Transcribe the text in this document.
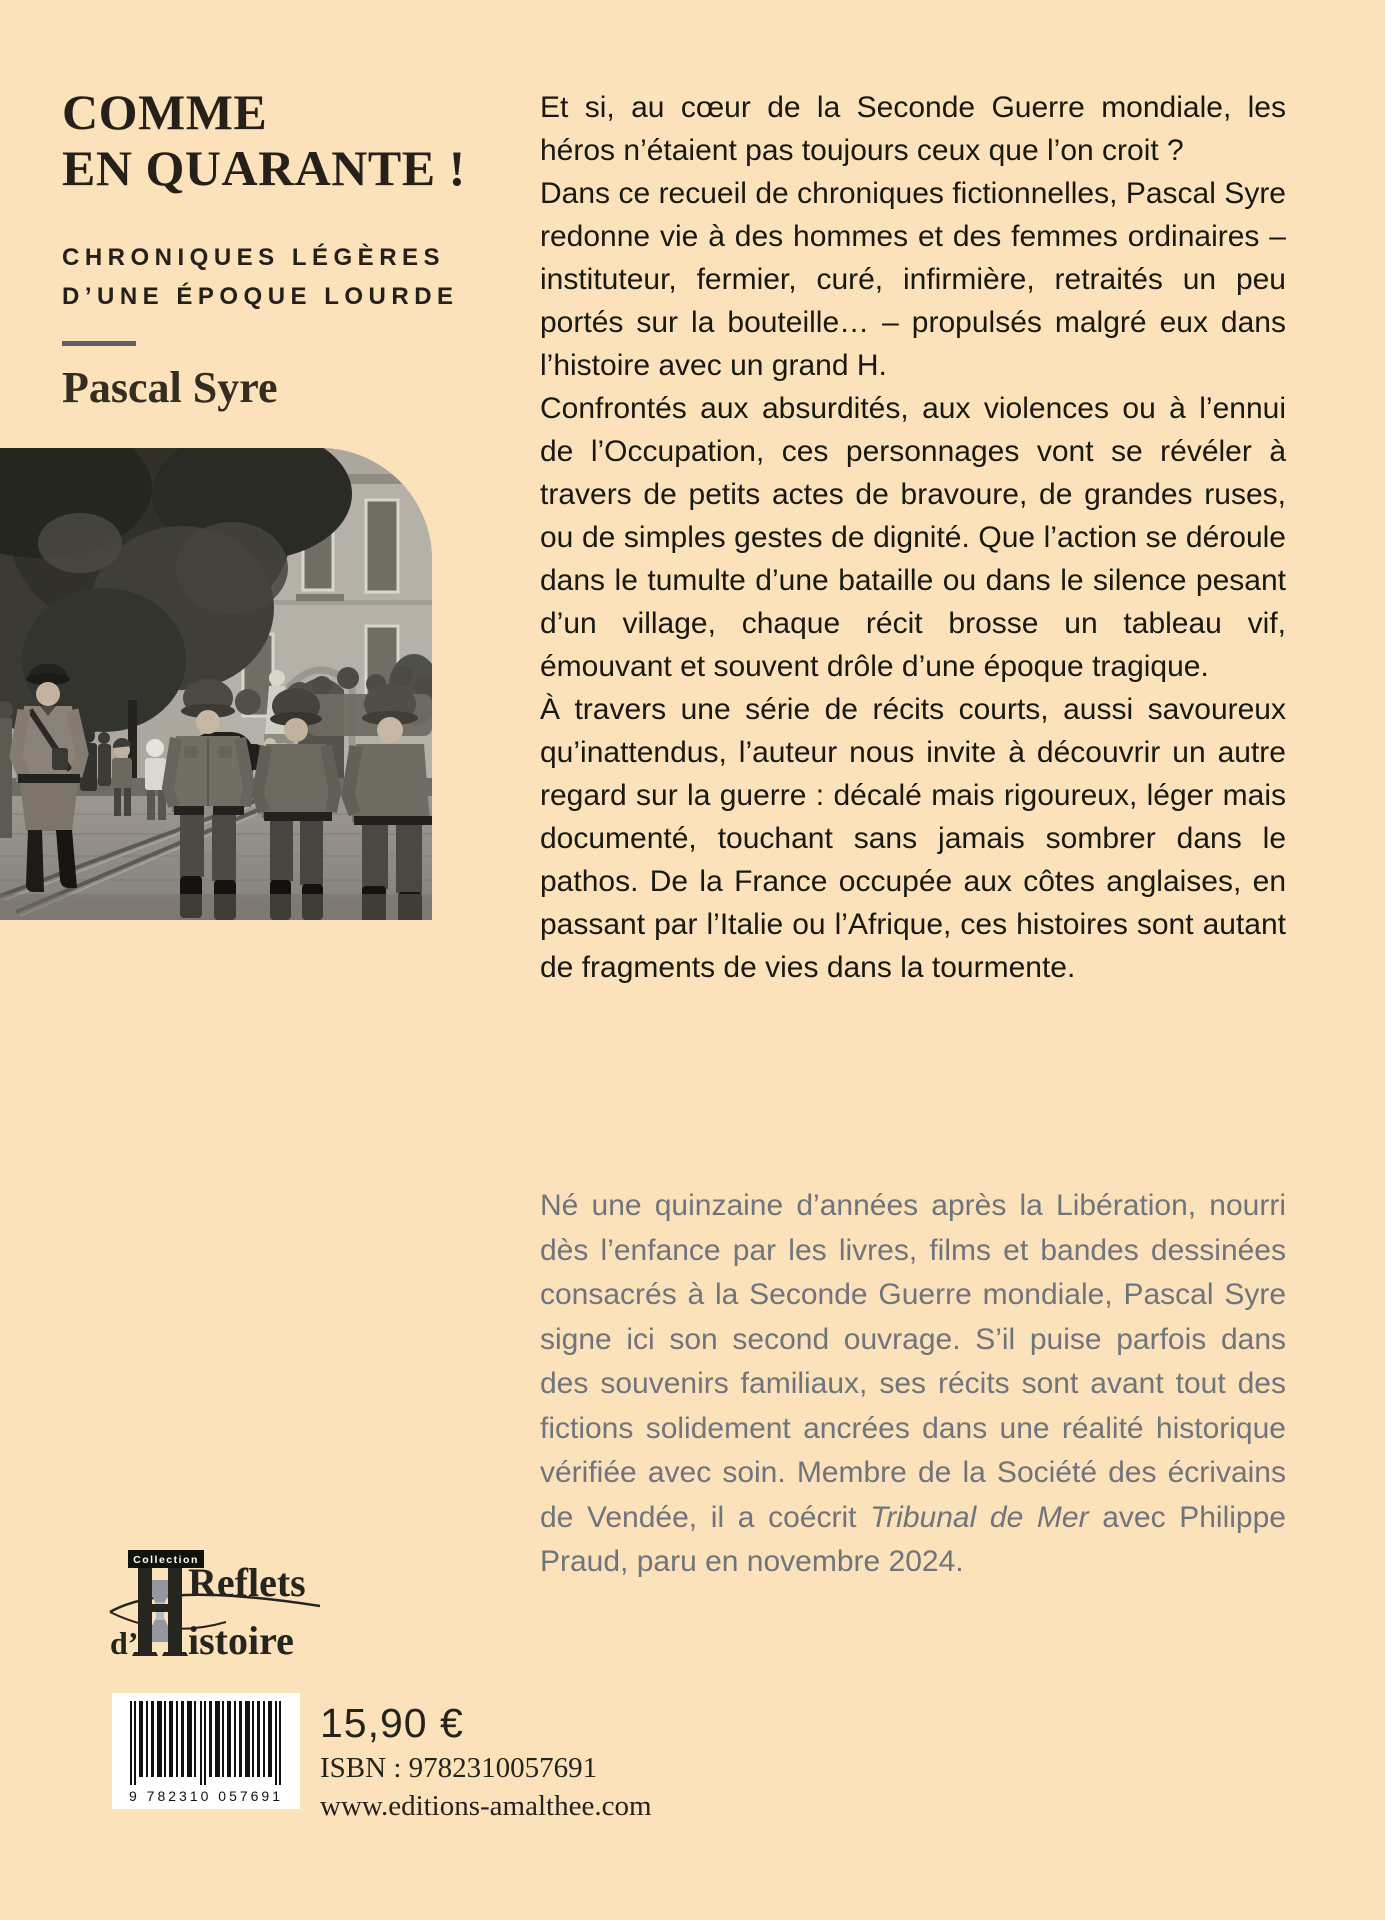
COMME
EN QUARANTE !
CHRONIQUES LÉGÈRES
D’UNE ÉPOQUE LOURDE
Pascal Syre

Et si, au cœur de la Seconde Guerre mondiale, les héros n’étaient pas toujours ceux que l’on croit ?

Dans ce recueil de chroniques fictionnelles, Pascal Syre redonne vie à des hommes et des femmes ordinaires – instituteur, fermier, curé, infirmière, retraités un peu portés sur la bouteille… – propulsés malgré eux dans l’histoire avec un grand H.

Confrontés aux absurdités, aux violences ou à l’ennui de l’Occupation, ces personnages vont se révéler à travers de petits actes de bravoure, de grandes ruses, ou de simples gestes de dignité. Que l’action se déroule dans le tumulte d’une bataille ou dans le silence pesant d’un village, chaque récit brosse un tableau vif, émouvant et souvent drôle d’une époque tragique.

À travers une série de récits courts, aussi savoureux qu’inattendus, l’auteur nous invite à découvrir un autre regard sur la guerre : décalé mais rigoureux, léger mais documenté, touchant sans jamais sombrer dans le pathos. De la France occupée aux côtes anglaises, en passant par l’Italie ou l’Afrique, ces histoires sont autant de fragments de vies dans la tourmente.

Né une quinzaine d’années après la Libération, nourri dès l’enfance par les livres, films et bandes dessinées consacrés à la Seconde Guerre mondiale, Pascal Syre signe ici son second ouvrage. S’il puise parfois dans des souvenirs familiaux, ses récits sont avant tout des fictions solidement ancrées dans une réalité historique vérifiée avec soin. Membre de la Société des écrivains de Vendée, il a coécrit Tribunal de Mer avec Philippe Praud, paru en novembre 2024.

Collection
Reflets
d’ istoire
9 782310 057691
15,90 €
ISBN : 9782310057691
www.editions-amalthee.com
